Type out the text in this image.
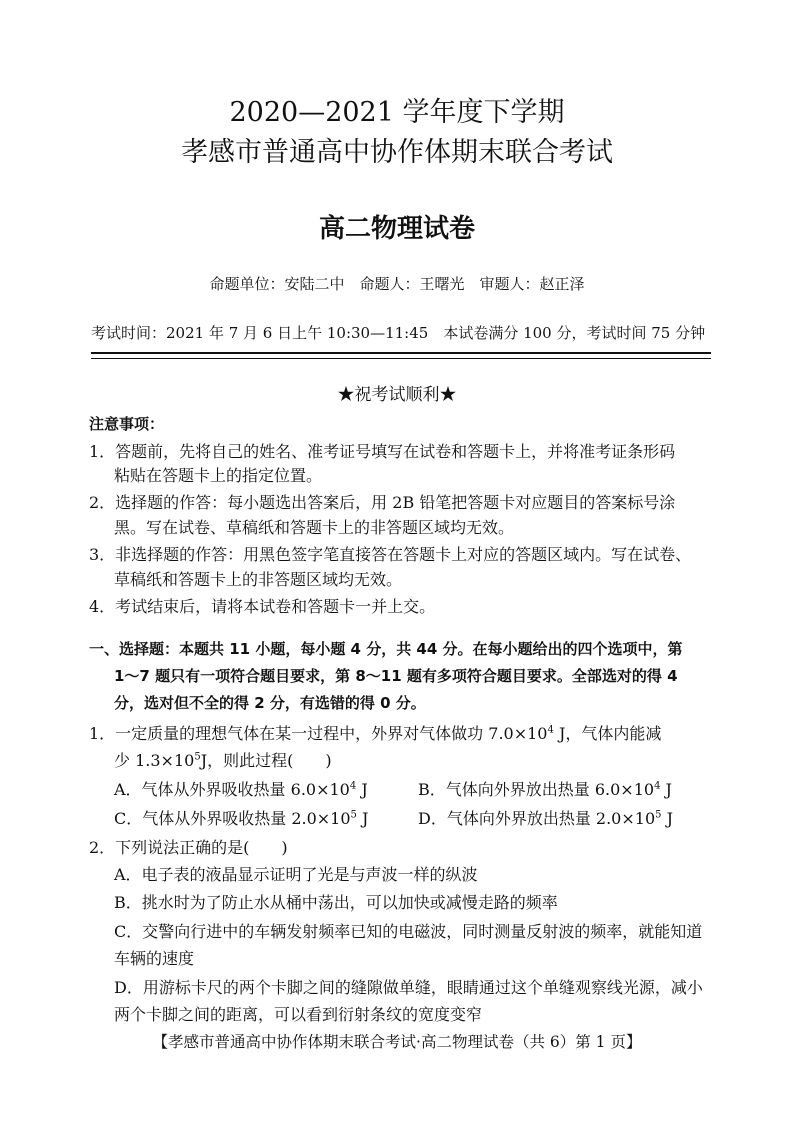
2020—2021 学年度下学期
孝感市普通高中协作体期末联合考试
高二物理试卷
命题单位：安陆二中　命题人：王曙光　审题人：赵正泽
考试时间：2021 年 7 月 6 日上午 10:30—11:45　本试卷满分 100 分，考试时间 75 分钟
★祝考试顺利★
注意事项：
1．答题前，先将自己的姓名、准考证号填写在试卷和答题卡上，并将准考证条形码
粘贴在答题卡上的指定位置。
2．选择题的作答：每小题选出答案后，用 2B 铅笔把答题卡对应题目的答案标号涂
黑。写在试卷、草稿纸和答题卡上的非答题区域均无效。
3．非选择题的作答：用黑色签字笔直接答在答题卡上对应的答题区域内。写在试卷、
草稿纸和答题卡上的非答题区域均无效。
4．考试结束后，请将本试卷和答题卡一并上交。
一、选择题：本题共 11 小题，每小题 4 分，共 44 分。在每小题给出的四个选项中，第
1～7 题只有一项符合题目要求，第 8～11 题有多项符合题目要求。全部选对的得 4
分，选对但不全的得 2 分，有选错的得 0 分。
1．一定质量的理想气体在某一过程中，外界对气体做功 $7.0\times 10^4$ J，气体内能减
少 $1.3\times 10^5J$，则此过程(　　)
A．气体从外界吸收热量 $6.0\times 10^4$ J	B．气体向外界放出热量 $6.0\times 10^4$ J
C．气体从外界吸收热量 $2.0\times 10^5$ J	D．气体向外界放出热量 $2.0\times 10^5$ J
2．下列说法正确的是(　　)
A．电子表的液晶显示证明了光是与声波一样的纵波
B．挑水时为了防止水从桶中荡出，可以加快或减慢走路的频率
C．交警向行进中的车辆发射频率已知的电磁波，同时测量反射波的频率，就能知道
车辆的速度
D．用游标卡尺的两个卡脚之间的缝隙做单缝，眼睛通过这个单缝观察线光源，减小
两个卡脚之间的距离，可以看到衍射条纹的宽度变窄
【孝感市普通高中协作体期末联合考试·高二物理试卷（共 6）第 1 页】
